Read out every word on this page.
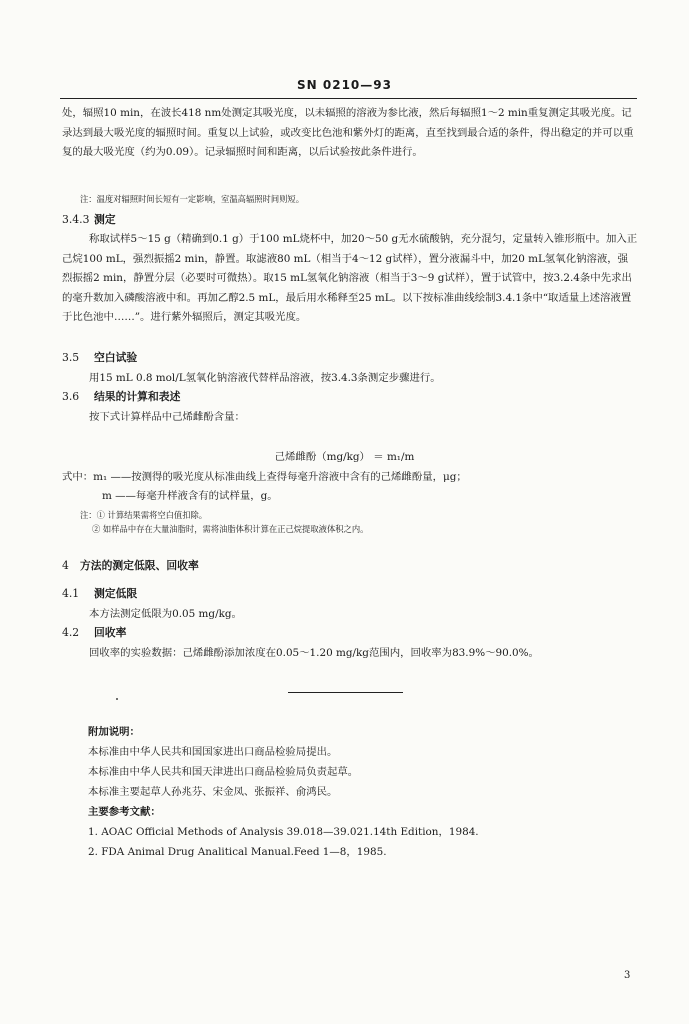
SN 0210—93
处，辐照10 min，在波长418 nm处测定其吸光度，以未辐照的溶液为参比液，然后每辐照1～2 min重复测定其吸光度。记录达到最大吸光度的辐照时间。重复以上试验，或改变比色池和紫外灯的距离，直至找到最合适的条件，得出稳定的并可以重复的最大吸光度（约为0.09）。记录辐照时间和距离，以后试验按此条件进行。
注：温度对辐照时间长短有一定影响，室温高辐照时间则短。
3.4.3 测定
称取试样5～15 g（精确到0.1 g）于100 mL烧杯中，加20～50 g无水硫酸钠，充分混匀，定量转入锥形瓶中。加入正己烷100 mL，强烈振摇2 min，静置。取滤液80 mL（相当于4～12 g试样），置分液漏斗中，加20 mL氢氧化钠溶液，强烈振摇2 min，静置分层（必要时可微热）。取15 mL氢氧化钠溶液（相当于3～9 g试样），置于试管中，按3.2.4条中先求出的毫升数加入磷酸溶液中和。再加乙醇2.5 mL，最后用水稀释至25 mL。以下按标准曲线绘制3.4.1条中“取适量上述溶液置于比色池中……”。进行紫外辐照后，测定其吸光度。
3.5 空白试验
用15 mL 0.8 mol/L氢氧化钠溶液代替样品溶液，按3.4.3条测定步骤进行。
3.6 结果的计算和表述
按下式计算样品中己烯雌酚含量：
己烯雌酚（mg/kg） ＝ m₁/m
式中：m₁ ——按测得的吸光度从标准曲线上查得每毫升溶液中含有的己烯雌酚量，μg；
m ——每毫升样液含有的试样量，g。
注：① 计算结果需将空白值扣除。
② 如样品中存在大量油脂时，需将油脂体积计算在正己烷提取液体积之内。
4 方法的测定低限、回收率
4.1 测定低限
本方法测定低限为0.05 mg/kg。
4.2 回收率
回收率的实验数据：己烯雌酚添加浓度在0.05～1.20 mg/kg范围内，回收率为83.9%～90.0%。
附加说明：
本标准由中华人民共和国国家进出口商品检验局提出。
本标准由中华人民共和国天津进出口商品检验局负责起草。
本标准主要起草人孙兆芬、宋金凤、张振祥、俞鸿民。
主要参考文献：
1. AOAC Official Methods of Analysis 39.018—39.021.14th Edition，1984.
2. FDA Animal Drug Analitical Manual.Feed 1—8，1985.
3
